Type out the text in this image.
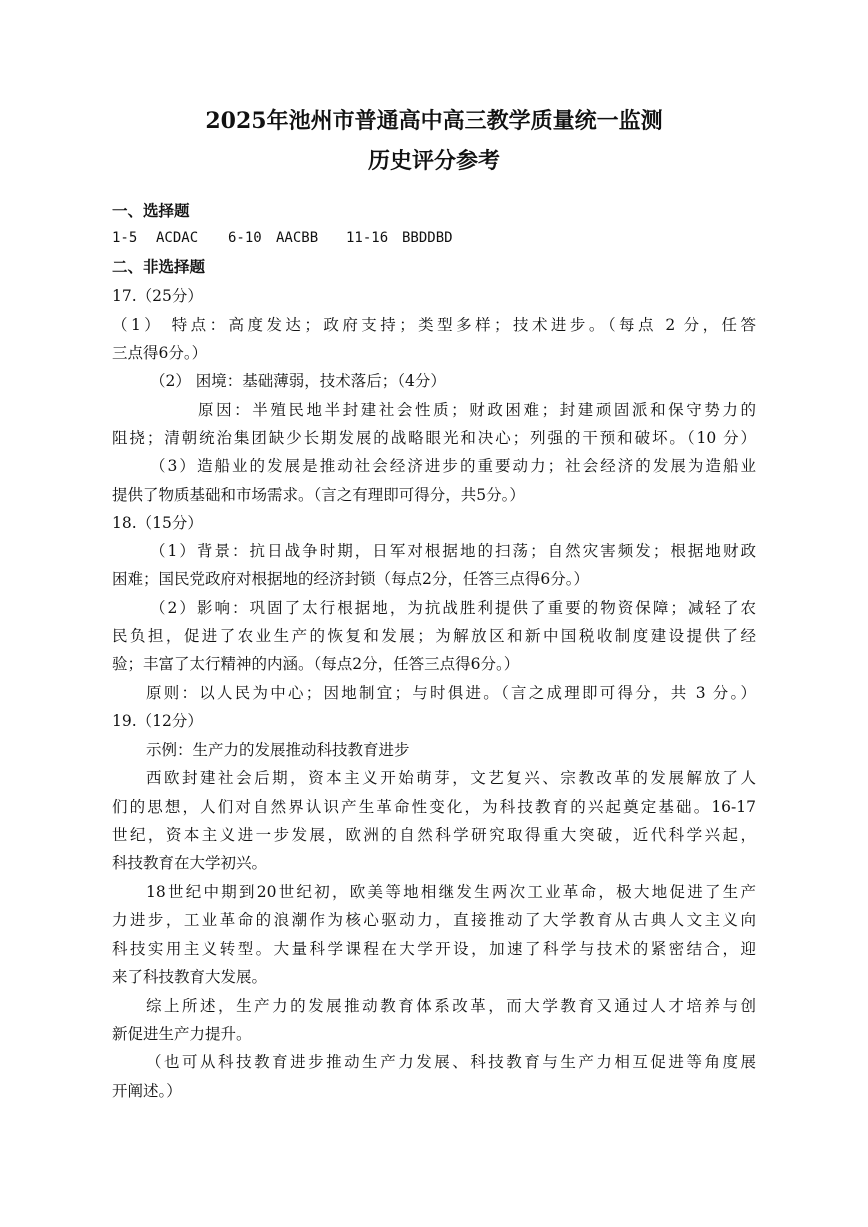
2025年池州市普通高中高三教学质量统一监测
历史评分参考
一、选择题
1-5 ACDAC 6-10 AACBB 11-16 BBDDBD
二、非选择题
17.（25分）
（1） 特点：高度发达；政府支持；类型多样；技术进步。（每点 2 分，任答
三点得6分。）
（2） 困境：基础薄弱，技术落后；（4分）
原因：半殖民地半封建社会性质；财政困难；封建顽固派和保守势力的
阻挠；清朝统治集团缺少长期发展的战略眼光和决心；列强的干预和破坏。（10 分）
（3）造船业的发展是推动社会经济进步的重要动力；社会经济的发展为造船业
提供了物质基础和市场需求。（言之有理即可得分，共5分。）
18.（15分）
（1）背景：抗日战争时期，日军对根据地的扫荡；自然灾害频发；根据地财政
困难；国民党政府对根据地的经济封锁（每点2分，任答三点得6分。）
（2）影响：巩固了太行根据地，为抗战胜利提供了重要的物资保障；减轻了农
民负担，促进了农业生产的恢复和发展；为解放区和新中国税收制度建设提供了经
验；丰富了太行精神的内涵。（每点2分，任答三点得6分。）
原则：以人民为中心；因地制宜；与时俱进。（言之成理即可得分，共 3 分。）
19.（12分）
示例：生产力的发展推动科技教育进步
西欧封建社会后期，资本主义开始萌芽，文艺复兴、宗教改革的发展解放了人
们的思想，人们对自然界认识产生革命性变化，为科技教育的兴起奠定基础。16-17
世纪，资本主义进一步发展，欧洲的自然科学研究取得重大突破，近代科学兴起，
科技教育在大学初兴。
18世纪中期到20世纪初，欧美等地相继发生两次工业革命，极大地促进了生产
力进步，工业革命的浪潮作为核心驱动力，直接推动了大学教育从古典人文主义向
科技实用主义转型。大量科学课程在大学开设，加速了科学与技术的紧密结合，迎
来了科技教育大发展。
综上所述，生产力的发展推动教育体系改革，而大学教育又通过人才培养与创
新促进生产力提升。
（也可从科技教育进步推动生产力发展、科技教育与生产力相互促进等角度展
开阐述。）
